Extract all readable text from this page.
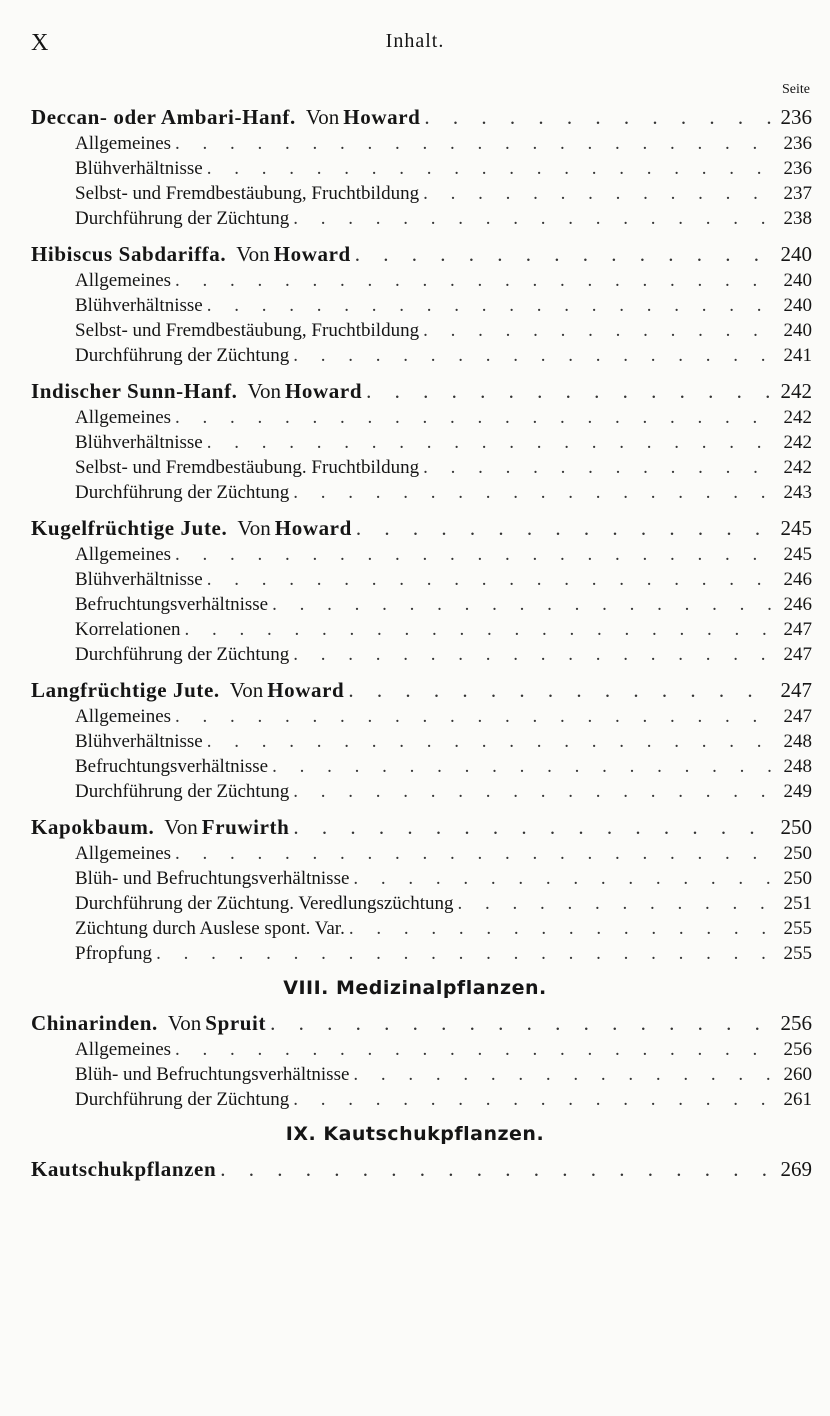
X	Inhalt.
Seite
Deccan- oder Ambari-Hanf. Von Howard . . .	236
Allgemeines . . .	236
Blühverhältnisse . . .	236
Selbst- und Fremdbestäubung, Fruchtbildung . . .	237
Durchführung der Züchtung . . .	238
Hibiscus Sabdariffa. Von Howard . . .	240
Allgemeines . . .	240
Blühverhältnisse . . .	240
Selbst- und Fremdbestäubung, Fruchtbildung . . .	240
Durchführung der Züchtung . . .	241
Indischer Sunn-Hanf. Von Howard . . .	242
Allgemeines . . .	242
Blühverhältnisse . . .	242
Selbst- und Fremdbestäubung. Fruchtbildung . . .	242
Durchführung der Züchtung . . .	243
Kugelfrüchtige Jute. Von Howard . . .	245
Allgemeines . . .	245
Blühverhältnisse . . .	246
Befruchtungsverhältnisse . . .	246
Korrelationen . . .	247
Durchführung der Züchtung . . .	247
Langfrüchtige Jute. Von Howard . . .	247
Allgemeines . . .	247
Blühverhältnisse . . .	248
Befruchtungsverhältnisse . . .	248
Durchführung der Züchtung . . .	249
Kapokbaum. Von Fruwirth . . .	250
Allgemeines . . .	250
Blüh- und Befruchtungsverhältnisse . . .	250
Durchführung der Züchtung. Veredlungszüchtung . . .	251
Züchtung durch Auslese spont. Var. . . .	255
Pfropfung . . .	255
VIII. Medizinalpflanzen.
Chinarinden. Von Spruit . . .	256
Allgemeines . . .	256
Blüh- und Befruchtungsverhältnisse . . .	260
Durchführung der Züchtung . . .	261
IX. Kautschukpflanzen.
Kautschukpflanzen . . .	269
